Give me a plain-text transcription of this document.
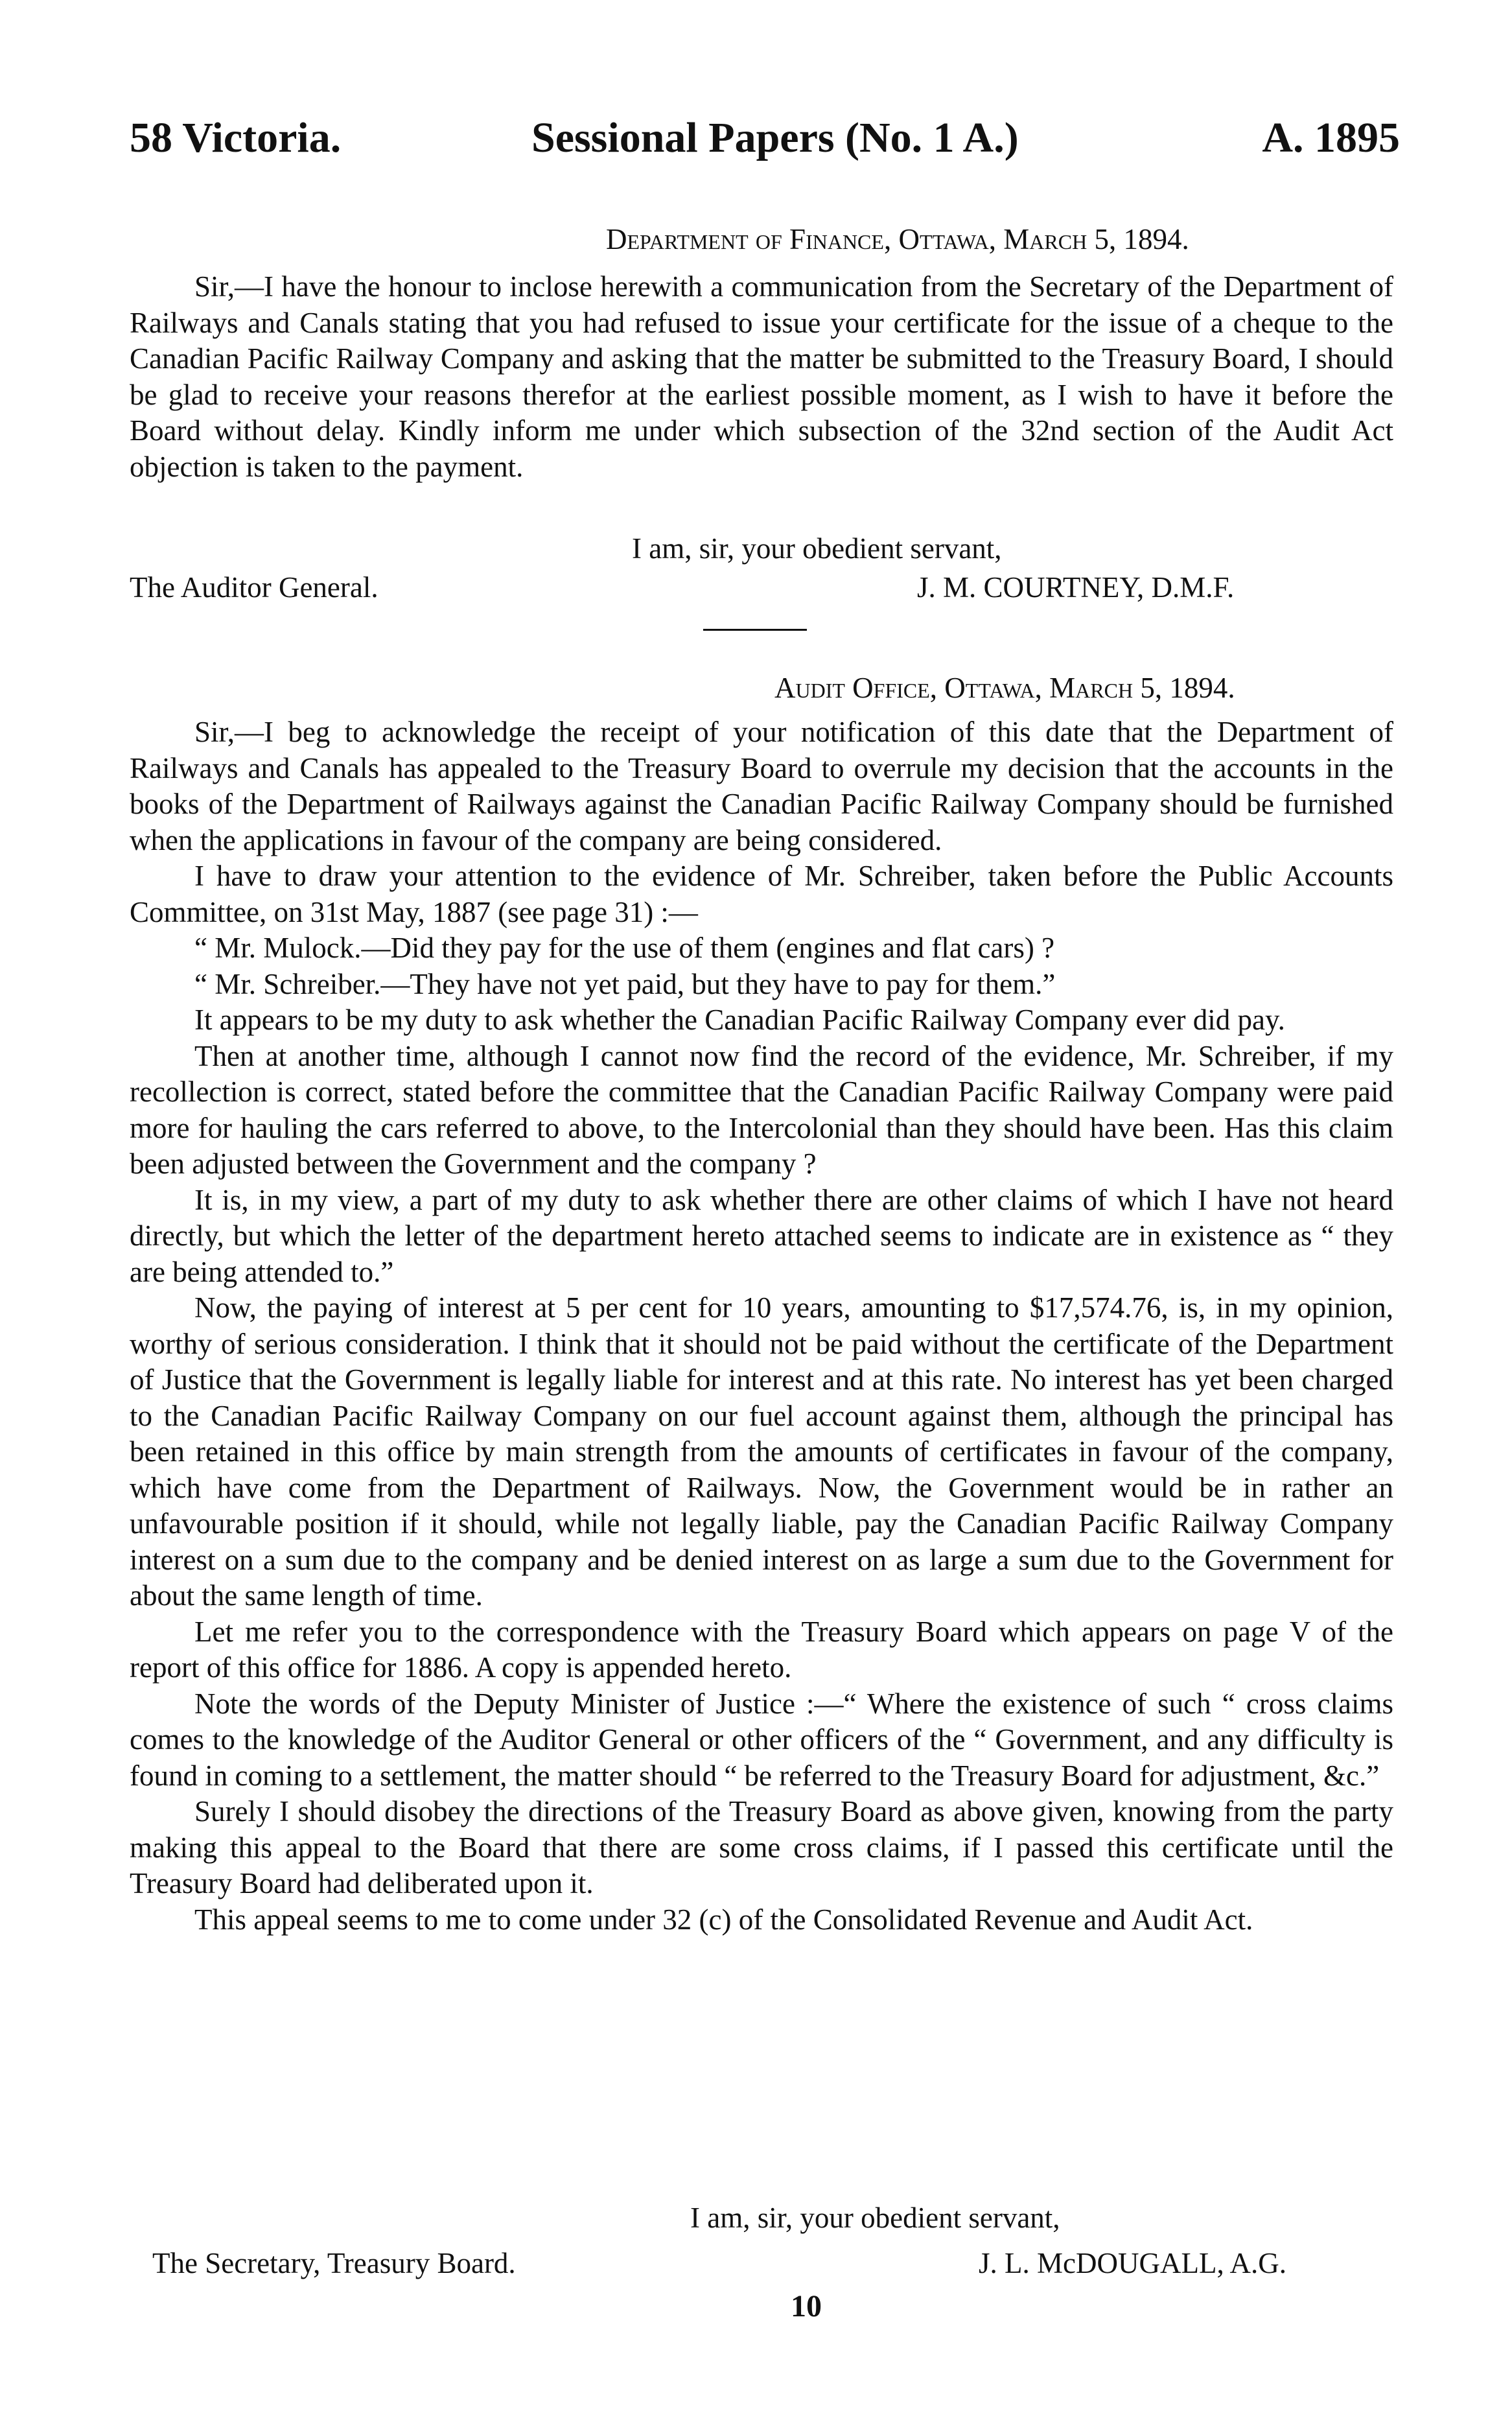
58 Victoria.	Sessional Papers (No. 1 A.)	A. 1895
Department of Finance, Ottawa, March 5, 1894.

Sir,—I have the honour to inclose herewith a communication from the Secretary of the Department of Railways and Canals stating that you had refused to issue your certificate for the issue of a cheque to the Canadian Pacific Railway Company and asking that the matter be submitted to the Treasury Board, I should be glad to receive your reasons therefor at the earliest possible moment, as I wish to have it before the Board without delay. Kindly inform me under which subsection of the 32nd section of the Audit Act objection is taken to the payment.

I am, sir, your obedient servant,
The Auditor General.	J. M. COURTNEY, D.M.F.
Audit Office, Ottawa, March 5, 1894.

Sir,—I beg to acknowledge the receipt of your notification of this date that the Department of Railways and Canals has appealed to the Treasury Board to overrule my decision that the accounts in the books of the Department of Railways against the Canadian Pacific Railway Company should be furnished when the applications in favour of the company are being considered.

I have to draw your attention to the evidence of Mr. Schreiber, taken before the Public Accounts Committee, on 31st May, 1887 (see page 31) :—

“ Mr. Mulock.—Did they pay for the use of them (engines and flat cars) ?

“ Mr. Schreiber.—They have not yet paid, but they have to pay for them.”

It appears to be my duty to ask whether the Canadian Pacific Railway Company ever did pay.

Then at another time, although I cannot now find the record of the evidence, Mr. Schreiber, if my recollection is correct, stated before the committee that the Canadian Pacific Railway Company were paid more for hauling the cars referred to above, to the Intercolonial than they should have been. Has this claim been adjusted between the Government and the company ?

It is, in my view, a part of my duty to ask whether there are other claims of which I have not heard directly, but which the letter of the department hereto attached seems to indicate are in existence as “ they are being attended to.”

Now, the paying of interest at 5 per cent for 10 years, amounting to $17,574.76, is, in my opinion, worthy of serious consideration. I think that it should not be paid without the certificate of the Department of Justice that the Government is legally liable for interest and at this rate. No interest has yet been charged to the Canadian Pacific Railway Company on our fuel account against them, although the principal has been retained in this office by main strength from the amounts of certificates in favour of the company, which have come from the Department of Railways. Now, the Government would be in rather an unfavourable position if it should, while not legally liable, pay the Canadian Pacific Railway Company interest on a sum due to the company and be denied interest on as large a sum due to the Government for about the same length of time.

Let me refer you to the correspondence with the Treasury Board which appears on page V of the report of this office for 1886. A copy is appended hereto.

Note the words of the Deputy Minister of Justice :—“ Where the existence of such “ cross claims comes to the knowledge of the Auditor General or other officers of the “ Government, and any difficulty is found in coming to a settlement, the matter should “ be referred to the Treasury Board for adjustment, &c.”

Surely I should disobey the directions of the Treasury Board as above given, knowing from the party making this appeal to the Board that there are some cross claims, if I passed this certificate until the Treasury Board had deliberated upon it.

This appeal seems to me to come under 32 (c) of the Consolidated Revenue and Audit Act.

I am, sir, your obedient servant,
The Secretary, Treasury Board.	J. L. McDOUGALL, A.G.
10
